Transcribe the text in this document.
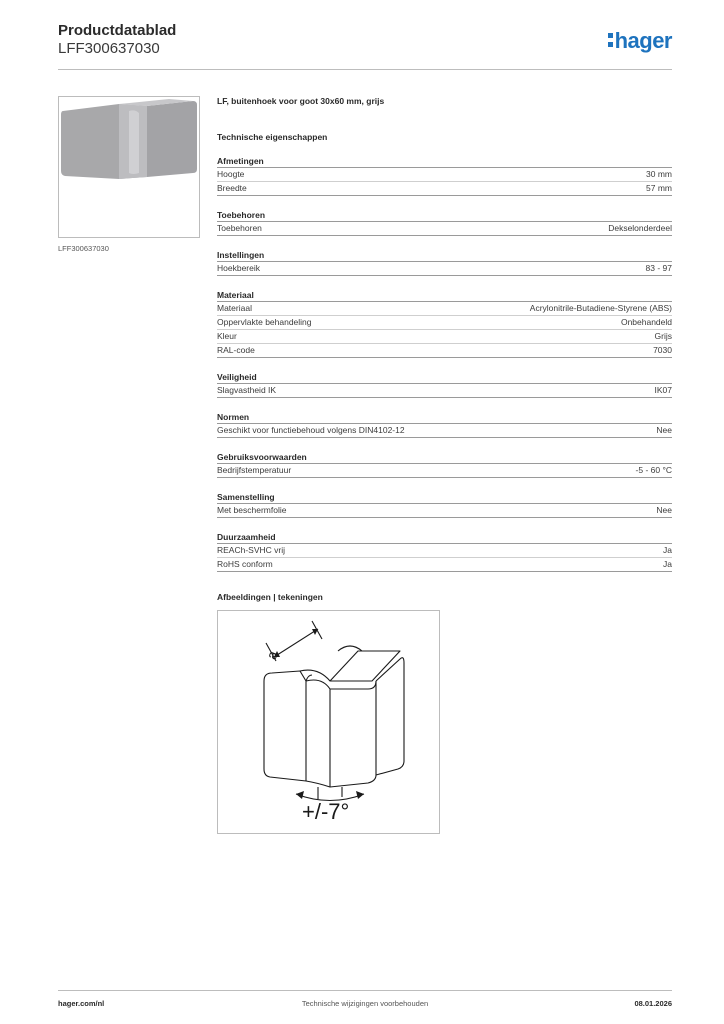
Productdatablad
LFF300637030	hager
LFF300637030
LF, buitenhoek voor goot 30x60 mm, grijs
Technische eigenschappen
Afmetingen
Hoogte	30 mm
Breedte	57 mm
Toebehoren
Toebehoren	Dekselonderdeel
Instellingen
Hoekbereik	83 - 97
Materiaal
Materiaal	Acrylonitrile-Butadiene-Styrene (ABS)
Oppervlakte behandeling	Onbehandeld
Kleur	Grijs
RAL-code	7030
Veiligheid
Slagvastheid IK	IK07
Normen
Geschikt voor functiebehoud volgens DIN4102-12	Nee
Gebruiksvoorwaarden
Bedrijfstemperatuur	-5 - 60 °C
Samenstelling
Met beschermfolie	Nee
Duurzaamheid
REACh-SVHC vrij	Ja
RoHS conform	Ja
Afbeeldingen | tekeningen
a
+/-7°
hager.com/nl	Technische wijzigingen voorbehouden	08.01.2026
